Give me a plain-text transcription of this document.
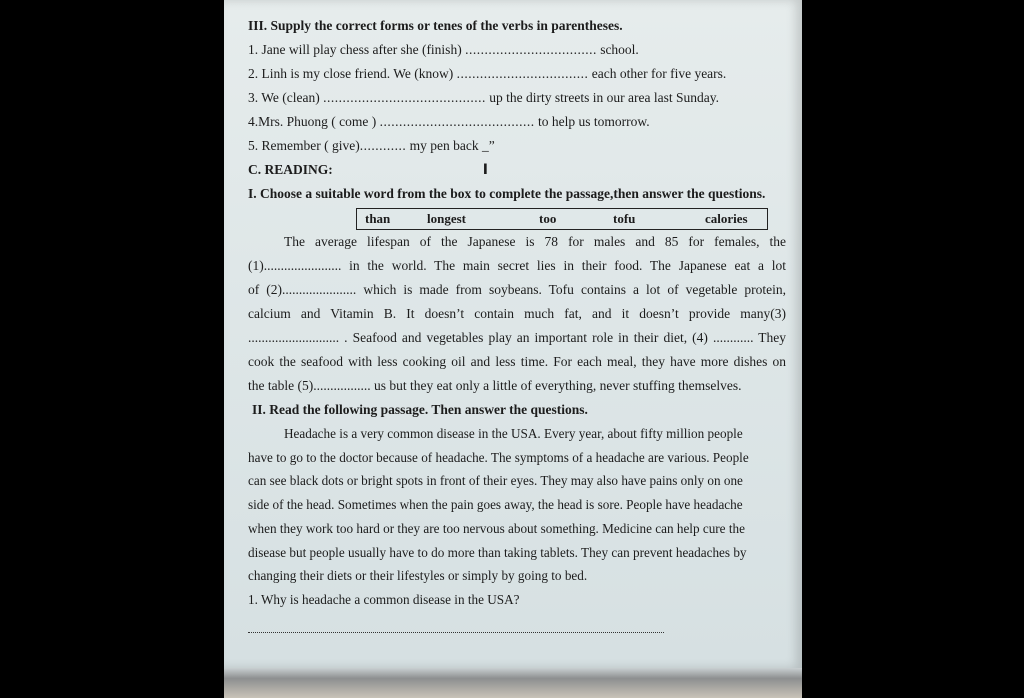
III. Supply the correct forms or tenes of the verbs in parentheses.
1. Jane will play chess after she (finish) .................................. school.
2. Linh is my close friend. We (know) .................................. each other for five years.
3. We (clean) .......................................... up the dirty streets in our area last Sunday.
4.Mrs. Phuong ( come ) ........................................ to help us tomorrow.
5. Remember ( give)............ my pen back _”
C. READING:	I
I. Choose a suitable word from the box to complete the passage,then answer the questions.
than	longest	too	tofu	calories
The average lifespan of the Japanese is 78 for males and 85 for females, the
(1)....................... in the world. The main secret lies in their food. The Japanese eat a lot
of (2)...................... which is made from soybeans. Tofu contains a lot of vegetable protein,
calcium and Vitamin B. It doesn’t contain much fat, and it doesn’t provide many(3)
........................... . Seafood and vegetables play an important role in their diet, (4) ............ They
cook the seafood with less cooking oil and less time. For each meal, they have more dishes on
the table (5)................. us but they eat only a little of everything, never stuffing themselves.
II. Read the following passage. Then answer the questions.
Headache is a very common disease in the USA. Every year, about fifty million people
have to go to the doctor because of headache. The symptoms of a headache are various. People
can see black dots or bright spots in front of their eyes. They may also have pains only on one
side of the head. Sometimes when the pain goes away, the head is sore. People have headache
when they work too hard or they are too nervous about something. Medicine can help cure the
disease but people usually have to do more than taking tablets. They can prevent headaches by
changing their diets or their lifestyles or simply by going to bed.
1. Why is headache a common disease in the USA?
